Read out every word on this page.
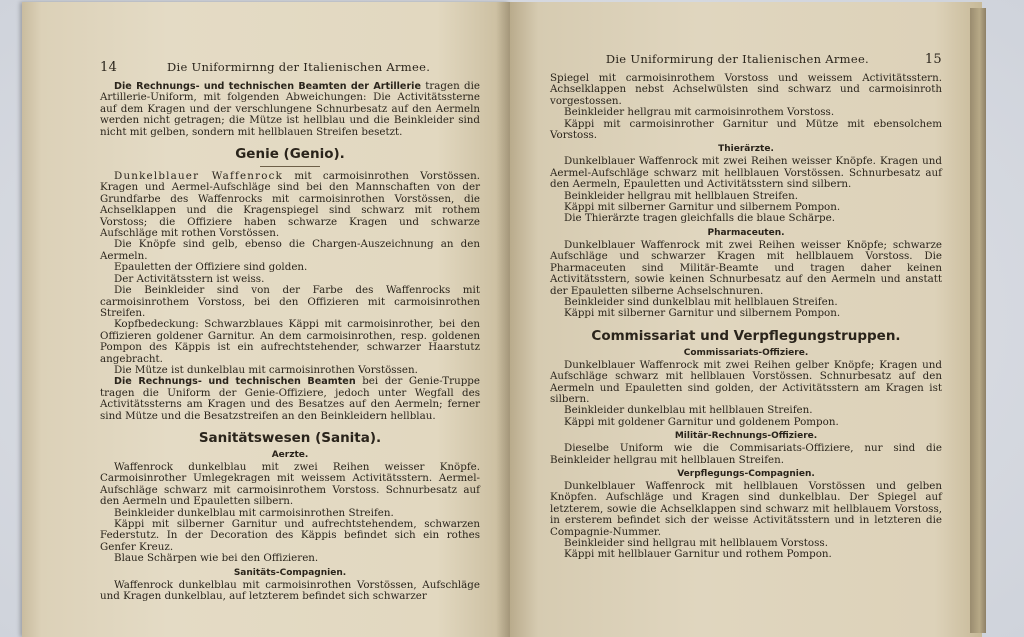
14	Die Uniformirnng der Italienischen Armee.

Die Rechnungs- und technischen Beamten der Artillerie tragen die Artillerie-Uniform, mit folgenden Abweichungen: Die Activitätssterne auf dem Kragen und der verschlungene Schnurbesatz auf den Aermeln werden nicht getragen; die Mütze ist hellblau und die Beinkleider sind nicht mit gelben, sondern mit hellblauen Streifen besetzt.

Genie (Genio).

Dunkelblauer Waffenrock mit carmoisinrothen Vorstössen. Kragen und Aermel-Aufschläge sind bei den Mannschaften von der Grundfarbe des Waffenrocks mit carmoisinrothen Vorstössen, die Achselklappen und die Kragenspiegel sind schwarz mit rothem Vorstoss; die Offiziere haben schwarze Kragen und schwarze Aufschläge mit rothen Vorstössen.

Die Knöpfe sind gelb, ebenso die Chargen-Auszeichnung an den Aermeln.

Epauletten der Offiziere sind golden.

Der Activitätsstern ist weiss.

Die Beinkleider sind von der Farbe des Waffenrocks mit carmoisinrothem Vorstoss, bei den Offizieren mit carmoisinrothen Streifen.

Kopfbedeckung: Schwarzblaues Käppi mit carmoisinrother, bei den Offizieren goldener Garnitur. An dem carmoisinrothen, resp. goldenen Pompon des Käppis ist ein aufrechtstehender, schwarzer Haarstutz angebracht.

Die Mütze ist dunkelblau mit carmoisinrothen Vorstössen.

Die Rechnungs- und technischen Beamten bei der Genie-Truppe tragen die Uniform der Genie-Offiziere, jedoch unter Wegfall des Activitätssterns am Kragen und des Besatzes auf den Aermeln; ferner sind Mütze und die Besatzstreifen an den Beinkleidern hellblau.

Sanitätswesen (Sanita).
Aerzte.

Waffenrock dunkelblau mit zwei Reihen weisser Knöpfe. Carmoisinrother Umlegekragen mit weissem Activitätsstern. Aermel-Aufschläge schwarz mit carmoisinrothem Vorstoss. Schnurbesatz auf den Aermeln und Epauletten silbern.

Beinkleider dunkelblau mit carmoisinrothen Streifen.

Käppi mit silberner Garnitur und aufrechtstehendem, schwarzen Federstutz. In der Decoration des Käppis befindet sich ein rothes Genfer Kreuz.

Blaue Schärpen wie bei den Offizieren.

Sanitäts-Compagnien.

Waffenrock dunkelblau mit carmoisinrothen Vorstössen, Aufschläge und Kragen dunkelblau, auf letzterem befindet sich schwarzer

Die Uniformirung der Italienischen Armee.	15

Spiegel mit carmoisinrothem Vorstoss und weissem Activitätsstern. Achselklappen nebst Achselwülsten sind schwarz und carmoisinroth vorgestossen.

Beinkleider hellgrau mit carmoisinrothem Vorstoss.

Käppi mit carmoisinrother Garnitur und Mütze mit ebensolchem Vorstoss.

Thierärzte.

Dunkelblauer Waffenrock mit zwei Reihen weisser Knöpfe. Kragen und Aermel-Aufschläge schwarz mit hellblauen Vorstössen. Schnurbesatz auf den Aermeln, Epauletten und Activitätsstern sind silbern.

Beinkleider hellgrau mit hellblauen Streifen.

Käppi mit silberner Garnitur und silbernem Pompon.

Die Thierärzte tragen gleichfalls die blaue Schärpe.

Pharmaceuten.

Dunkelblauer Waffenrock mit zwei Reihen weisser Knöpfe; schwarze Aufschläge und schwarzer Kragen mit hellblauem Vorstoss. Die Pharmaceuten sind Militär-Beamte und tragen daher keinen Activitätsstern, sowie keinen Schnurbesatz auf den Aermeln und anstatt der Epauletten silberne Achselschnuren.

Beinkleider sind dunkelblau mit hellblauen Streifen.

Käppi mit silberner Garnitur und silbernem Pompon.

Commissariat und Verpflegungstruppen.
Commissariats-Offiziere.

Dunkelblauer Waffenrock mit zwei Reihen gelber Knöpfe; Kragen und Aufschläge schwarz mit hellblauen Vorstössen. Schnurbesatz auf den Aermeln und Epauletten sind golden, der Activitätsstern am Kragen ist silbern.

Beinkleider dunkelblau mit hellblauen Streifen.

Käppi mit goldener Garnitur und goldenem Pompon.

Militär-Rechnungs-Offiziere.

Dieselbe Uniform wie die Commisariats-Offiziere, nur sind die Beinkleider hellgrau mit hellblauen Streifen.

Verpflegungs-Compagnien.

Dunkelblauer Waffenrock mit hellblauen Vorstössen und gelben Knöpfen. Aufschläge und Kragen sind dunkelblau. Der Spiegel auf letzterem, sowie die Achselklappen sind schwarz mit hellblauem Vorstoss, in ersterem befindet sich der weisse Activitätsstern und in letzteren die Compagnie-Nummer.

Beinkleider sind hellgrau mit hellblauem Vorstoss.

Käppi mit hellblauer Garnitur und rothem Pompon.
